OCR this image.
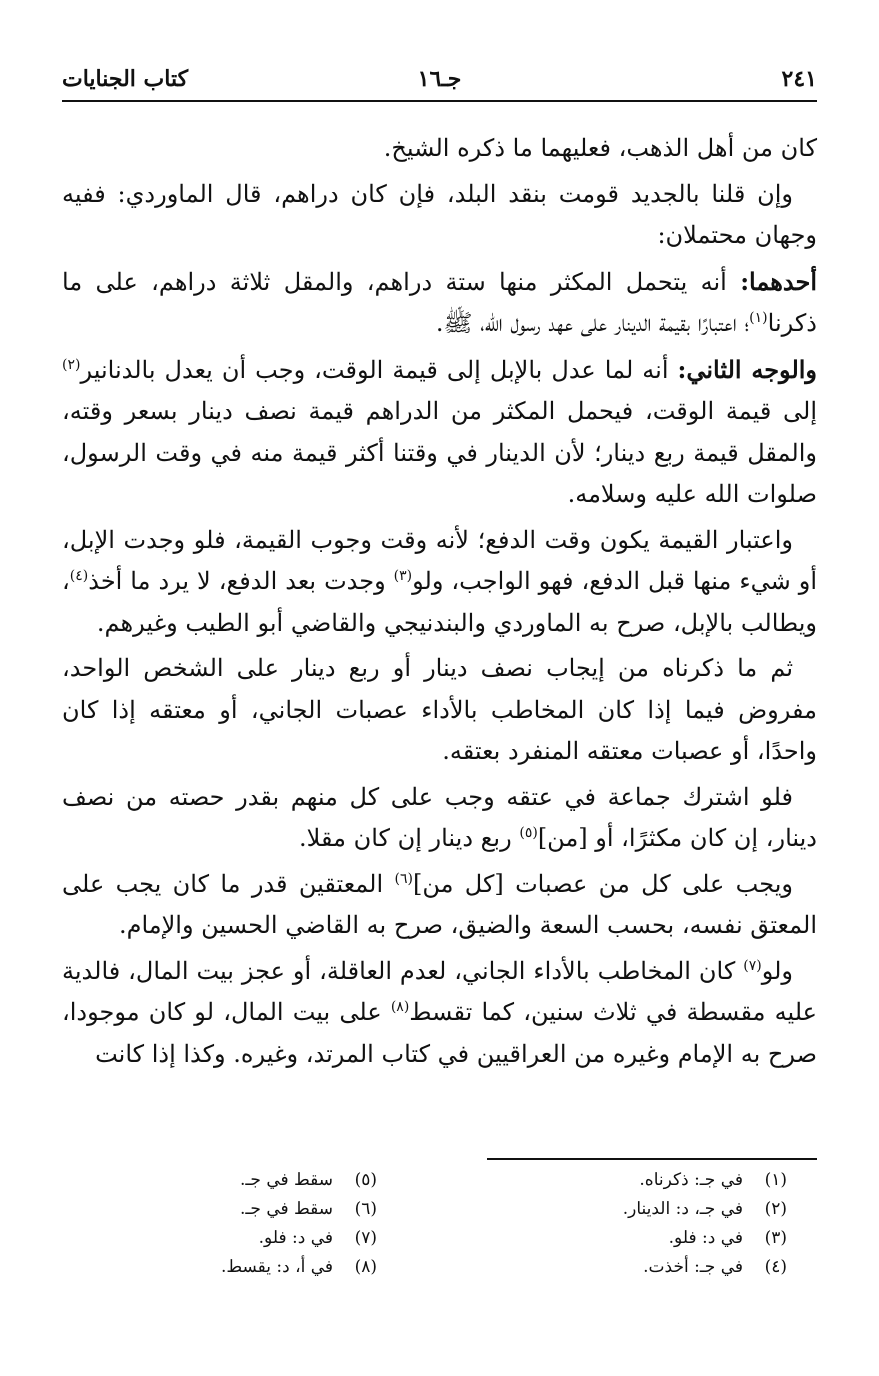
٢٤١
جـ١٦
كتاب الجنايات

كان من أهل الذهب، فعليهما ما ذكره الشيخ.

وإن قلنا بالجديد قومت بنقد البلد، فإن كان دراهم، قال الماوردي: ففيه وجهان محتملان:

أحدهما: أنه يتحمل المكثر منها ستة دراهم، والمقل ثلاثة دراهم، على ما ذكرنا$^{(١)}$؛ اعتبارًا بقيمة الدينار على عهد رسول الله، ﷺ.

والوجه الثاني: أنه لما عدل بالإبل إلى قيمة الوقت، وجب أن يعدل بالدنانير$^{(٢)}$ إلى قيمة الوقت، فيحمل المكثر من الدراهم قيمة نصف دينار بسعر وقته، والمقل قيمة ربع دينار؛ لأن الدينار في وقتنا أكثر قيمة منه في وقت الرسول، صلوات الله عليه وسلامه.

واعتبار القيمة يكون وقت الدفع؛ لأنه وقت وجوب القيمة، فلو وجدت الإبل، أو شيء منها قبل الدفع، فهو الواجب، ولو$^{(٣)}$ وجدت بعد الدفع، لا يرد ما أخذ$^{(٤)}$، ويطالب بالإبل، صرح به الماوردي والبندنيجي والقاضي أبو الطيب وغيرهم.

ثم ما ذكرناه من إيجاب نصف دينار أو ربع دينار على الشخص الواحد، مفروض فيما إذا كان المخاطب بالأداء عصبات الجاني، أو معتقه إذا كان واحدًا، أو عصبات معتقه المنفرد بعتقه.

فلو اشترك جماعة في عتقه وجب على كل منهم بقدر حصته من نصف دينار، إن كان مكثرًا، أو [من]$^{(٥)}$ ربع دينار إن كان مقلا.

ويجب على كل من عصبات [كل من]$^{(٦)}$ المعتقين قدر ما كان يجب على المعتق نفسه، بحسب السعة والضيق، صرح به القاضي الحسين والإمام.

ولو$^{(٧)}$ كان المخاطب بالأداء الجاني، لعدم العاقلة، أو عجز بيت المال، فالدية عليه مقسطة في ثلاث سنين، كما تقسط$^{(٨)}$ على بيت المال، لو كان موجودا، صرح به الإمام وغيره من العراقيين في كتاب المرتد، وغيره. وكذا إذا كانت

(١)في جـ: ذكرناه.
(٢)في جـ، د: الدينار.
(٣)في د: فلو.
(٤)في جـ: أخذت.
(٥)سقط في جـ.
(٦)سقط في جـ.
(٧)في د: فلو.
(٨)في أ، د: يقسط.
